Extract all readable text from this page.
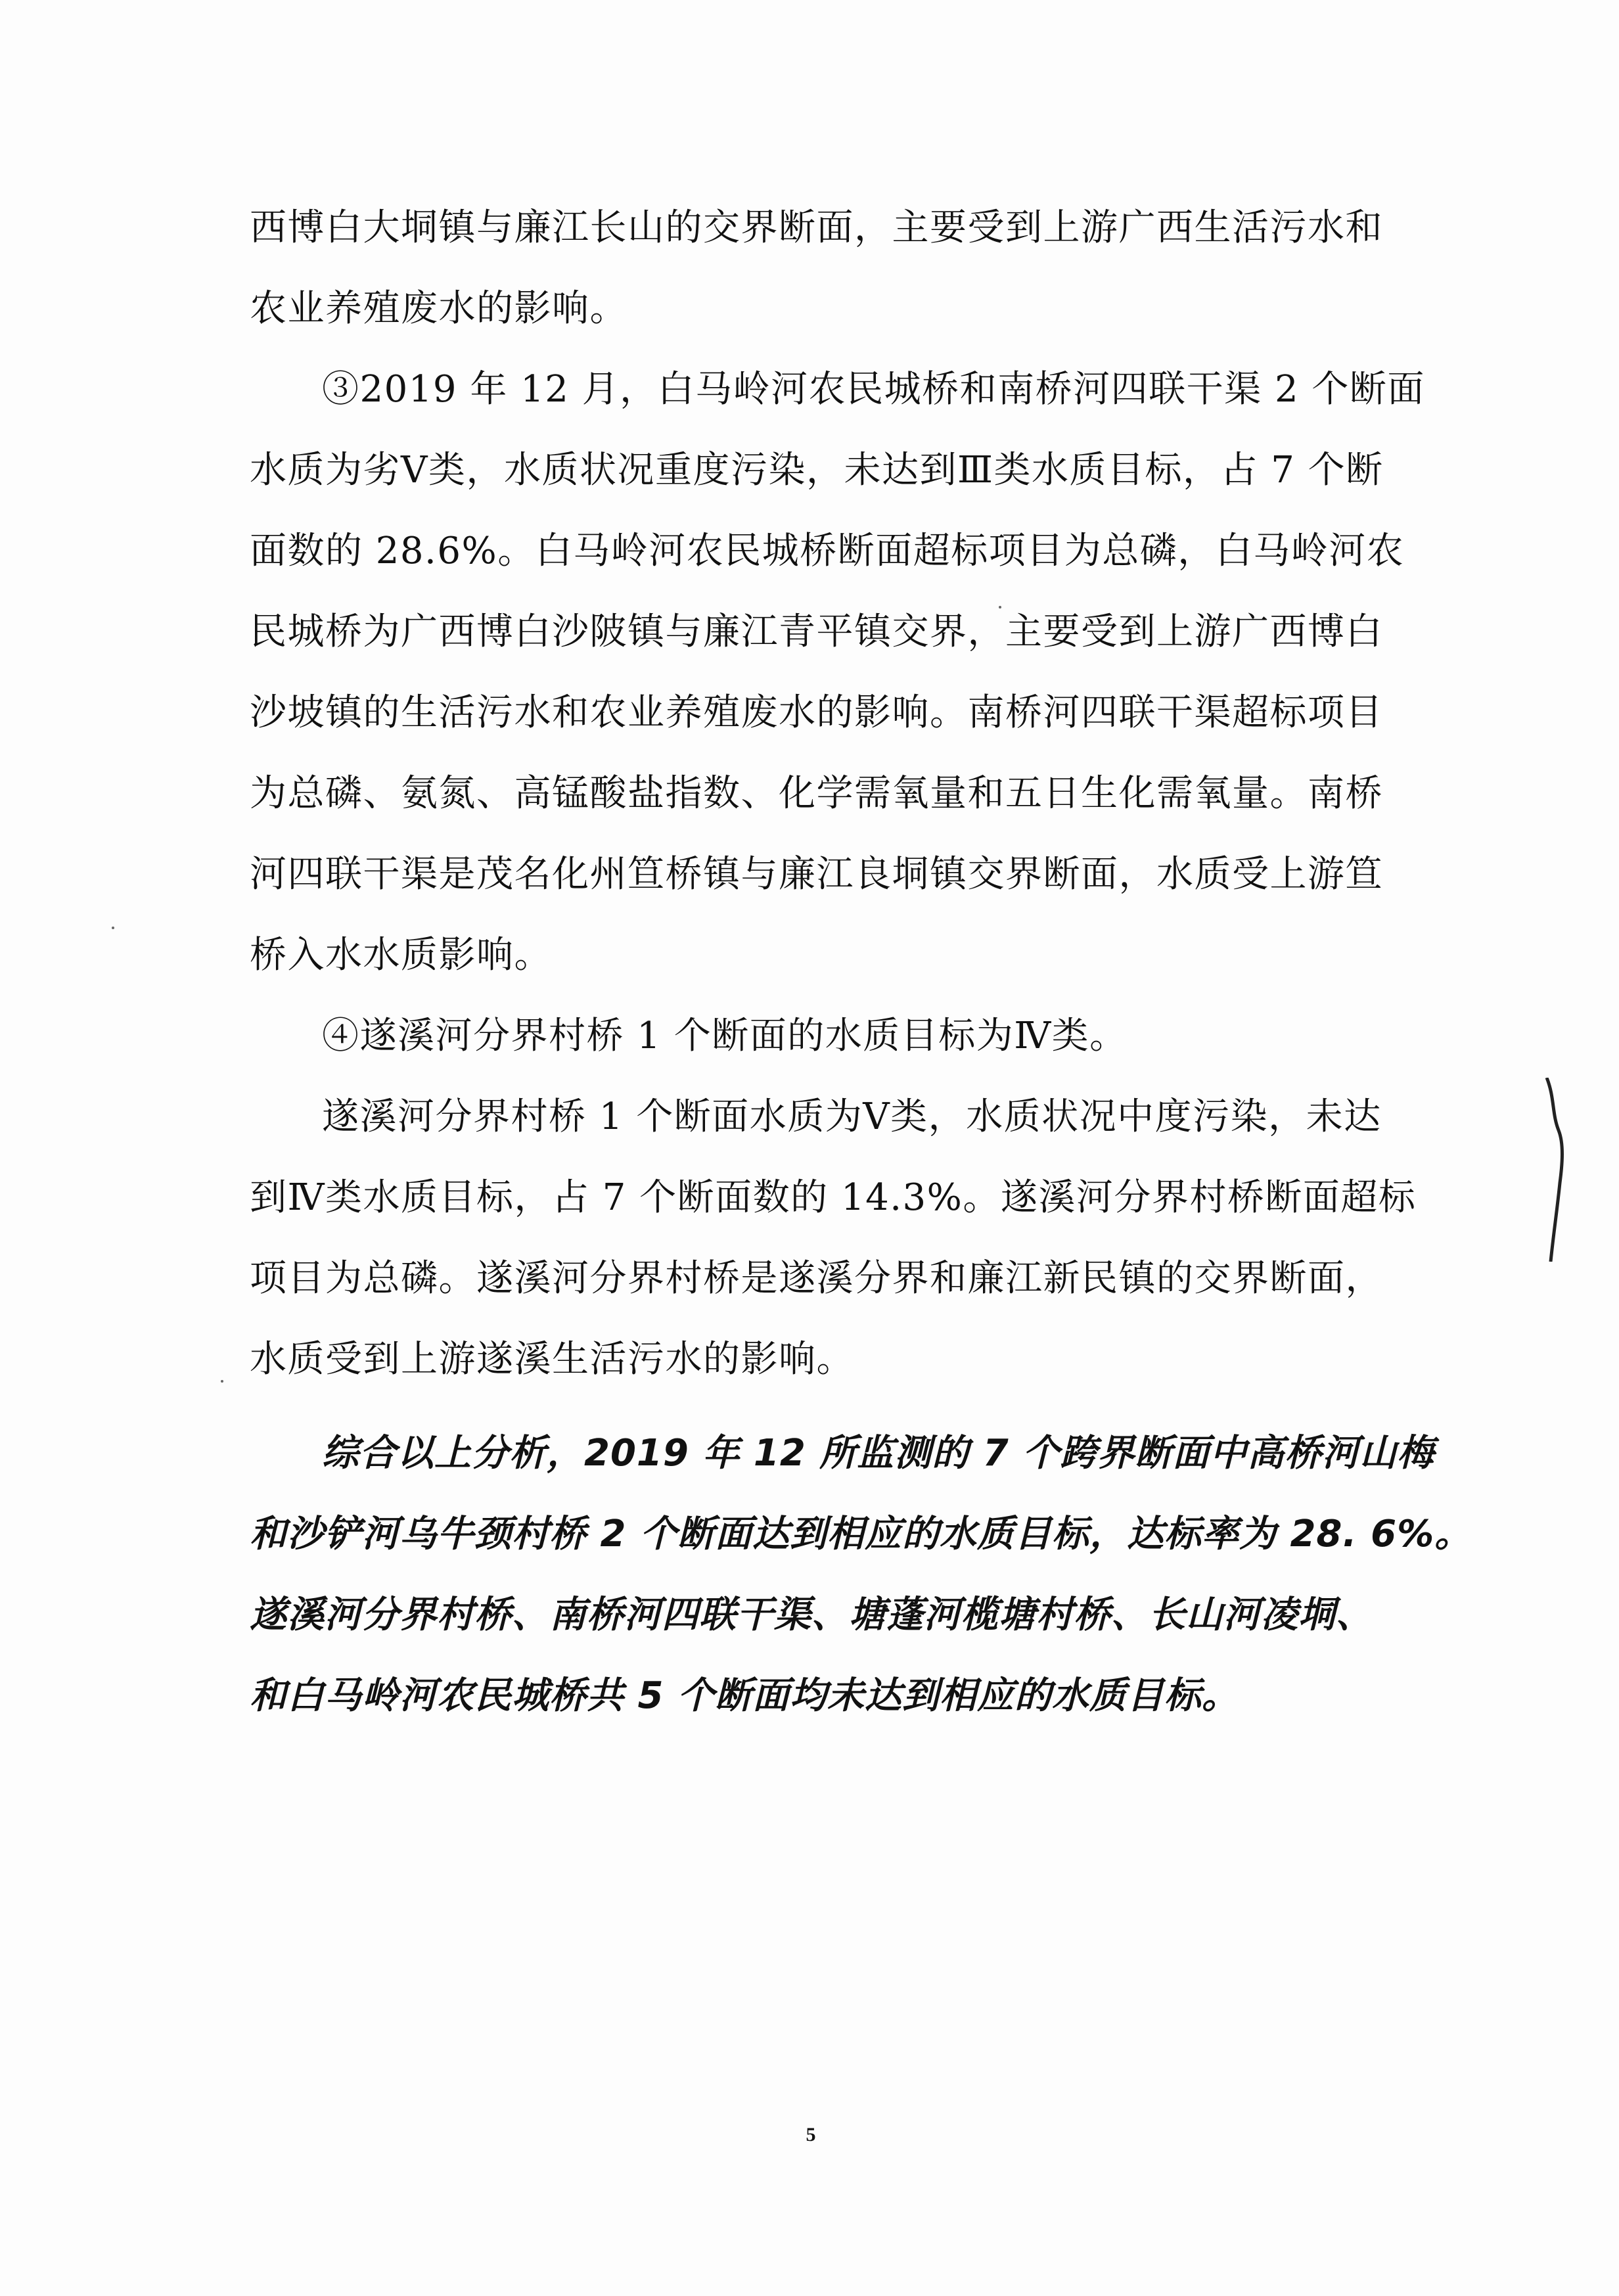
西博白大垌镇与廉江长山的交界断面，主要受到上游广西生活污水和
农业养殖废水的影响。
③2019 年 12 月，白马岭河农民城桥和南桥河四联干渠 2 个断面
水质为劣Ⅴ类，水质状况重度污染，未达到Ⅲ类水质目标，占 7 个断
面数的 28.6%。白马岭河农民城桥断面超标项目为总磷，白马岭河农
民城桥为广西博白沙陂镇与廉江青平镇交界，主要受到上游广西博白
沙坡镇的生活污水和农业养殖废水的影响。南桥河四联干渠超标项目
为总磷、氨氮、高锰酸盐指数、化学需氧量和五日生化需氧量。南桥
河四联干渠是茂名化州笪桥镇与廉江良垌镇交界断面，水质受上游笪
桥入水水质影响。
④遂溪河分界村桥 1 个断面的水质目标为Ⅳ类。
遂溪河分界村桥 1 个断面水质为Ⅴ类，水质状况中度污染，未达
到Ⅳ类水质目标，占 7 个断面数的 14.3%。遂溪河分界村桥断面超标
项目为总磷。遂溪河分界村桥是遂溪分界和廉江新民镇的交界断面，
水质受到上游遂溪生活污水的影响。
综合以上分析，2019 年 12 所监测的 7 个跨界断面中高桥河山梅
和沙铲河乌牛颈村桥 2 个断面达到相应的水质目标，达标率为 28. 6%。
遂溪河分界村桥、南桥河四联干渠、塘蓬河榄塘村桥、长山河凌垌、
和白马岭河农民城桥共 5 个断面均未达到相应的水质目标。
5
